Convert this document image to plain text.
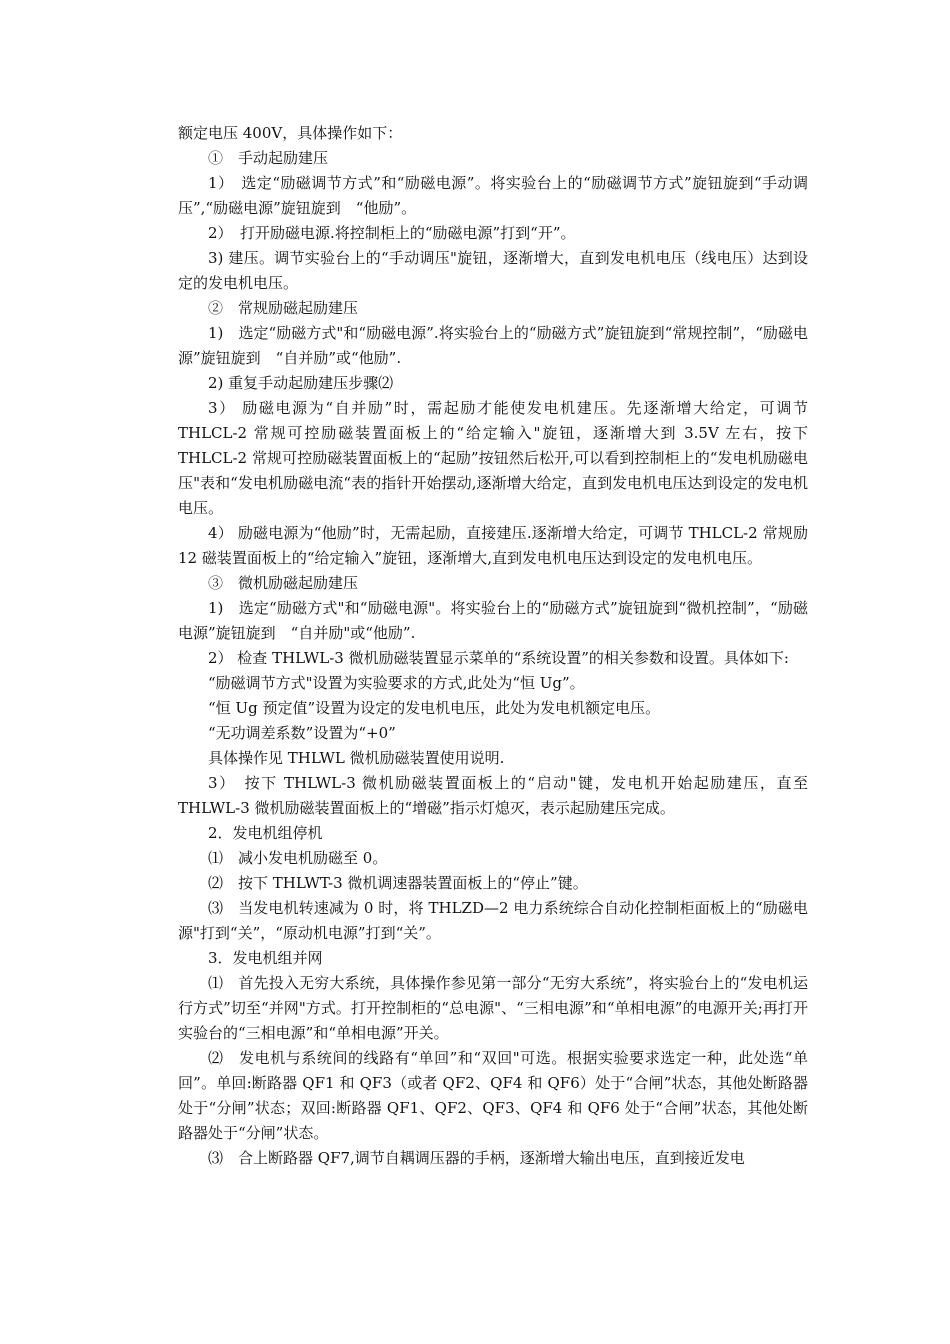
额定电压 400V，具体操作如下：

①　手动起励建压

1）　选定“励磁调节方式”和“励磁电源”。将实验台上的“励磁调节方式”旋钮旋到“手动调压”,“励磁电源”旋钮旋到　“他励”。

2）　打开励磁电源.将控制柜上的“励磁电源”打到“开”。

3) 建压。调节实验台上的“手动调压"旋钮，逐渐增大，直到发电机电压（线电压）达到设定的发电机电压。

②　常规励磁起励建压

1)　选定“励磁方式"和“励磁电源”.将实验台上的“励磁方式”旋钮旋到“常规控制”，“励磁电源”旋钮旋到　“自并励”或“他励”.

2) 重复手动起励建压步骤⑵

3） 励磁电源为“自并励”时，需起励才能使发电机建压。先逐渐增大给定，可调节 THLCL-2 常规可控励磁装置面板上的“给定输入"旋钮，逐渐增大到 3.5V 左右，按下 THLCL-2 常规可控励磁装置面板上的“起励”按钮然后松开,可以看到控制柜上的“发电机励磁电压"表和“发电机励磁电流“表的指针开始摆动,逐渐增大给定，直到发电机电压达到设定的发电机电压。

4） 励磁电源为“他励”时，无需起励，直接建压.逐渐增大给定，可调节 THLCL-2 常规励 12 磁装置面板上的“给定输入”旋钮，逐渐增大,直到发电机电压达到设定的发电机电压。

③　微机励磁起励建压

1)　选定“励磁方式"和“励磁电源"。将实验台上的“励磁方式”旋钮旋到“微机控制”，“励磁电源”旋钮旋到　“自并励"或“他励”.

2） 检查 THLWL-3 微机励磁装置显示菜单的“系统设置”的相关参数和设置。具体如下:

“励磁调节方式"设置为实验要求的方式,此处为“恒 Ug”。

“恒 Ug 预定值”设置为设定的发电机电压，此处为发电机额定电压。

“无功调差系数”设置为“+0”

具体操作见 THLWL 微机励磁装置使用说明.

3）　按下 THLWL-3 微机励磁装置面板上的“启动"键，发电机开始起励建压，直至 THLWL-3 微机励磁装置面板上的“增磁”指示灯熄灭，表示起励建压完成。

2．发电机组停机

⑴　减小发电机励磁至 0。

⑵　按下 THLWT-3 微机调速器装置面板上的“停止”键。

⑶　当发电机转速减为 0 时，将 THLZD—2 电力系统综合自动化控制柜面板上的“励磁电源"打到“关”，“原动机电源”打到“关”。

3．发电机组并网

⑴　首先投入无穷大系统，具体操作参见第一部分“无穷大系统”，将实验台上的“发电机运行方式”切至“并网"方式。打开控制柜的“总电源"、“三相电源”和“单相电源”的电源开关;再打开实验台的“三相电源”和“单相电源”开关。

⑵　发电机与系统间的线路有“单回”和“双回"可选。根据实验要求选定一种，此处选“单回”。单回:断路器 QF1 和 QF3（或者 QF2、QF4 和 QF6）处于“合闸”状态，其他处断路器处于“分闸”状态；双回:断路器 QF1、QF2、QF3、QF4 和 QF6 处于“合闸”状态，其他处断路器处于“分闸”状态。

⑶　合上断路器 QF7,调节自耦调压器的手柄，逐渐增大输出电压，直到接近发电
